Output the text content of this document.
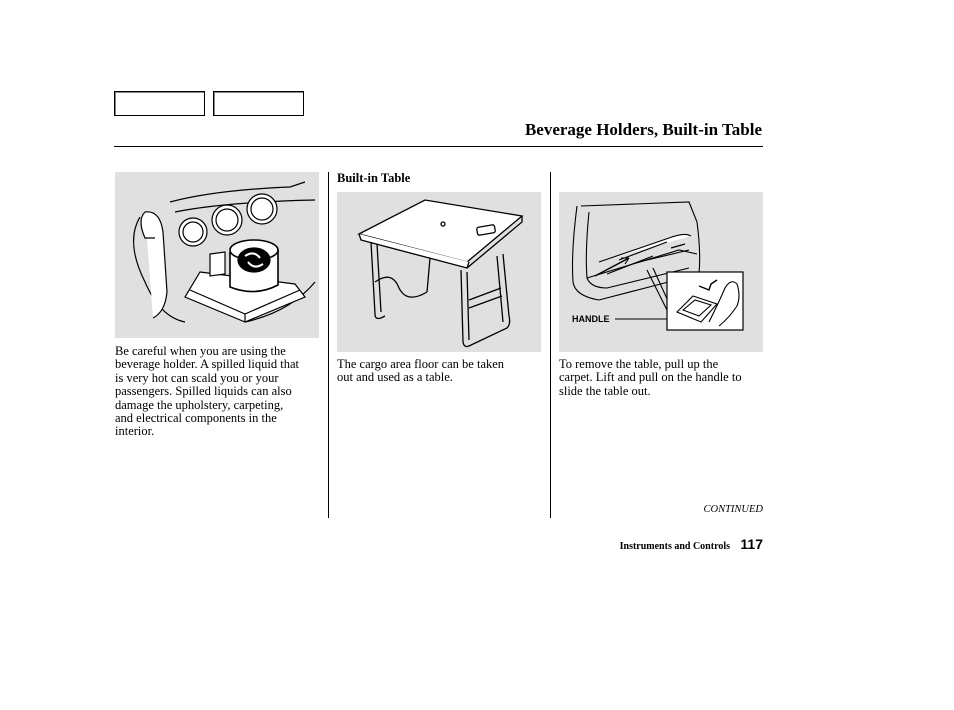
Beverage Holders, Built-in Table
Be careful when you are using the
beverage holder. A spilled liquid that
is very hot can scald you or your
passengers. Spilled liquids can also
damage the upholstery, carpeting,
and electrical components in the
interior.
Built-in Table
The cargo area floor can be taken
out and used as a table.
HANDLE
To remove the table, pull up the
carpet. Lift and pull on the handle to
slide the table out.
CONTINUED
Instruments and Controls 117
